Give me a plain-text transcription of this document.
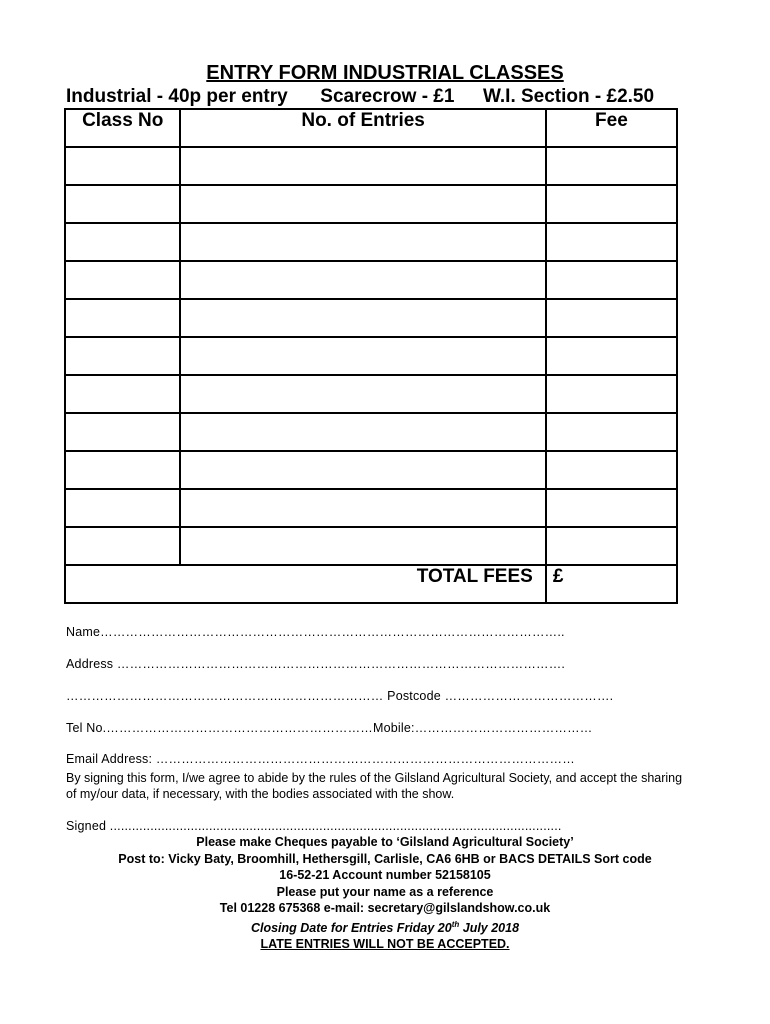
ENTRY FORM INDUSTRIAL CLASSES
Industrial - 40p per entry Scarecrow - £1 W.I. Section - £2.50
Class No	No. of Entries	Fee

TOTAL FEES		£
Name………………………………………………………………………………………………..
Address …………………………………………………………………………………………….
………………………………………………………………… Postcode ………………………………….
Tel No.………………………………………………………Mobile:……………………………………
Email Address: ………………………………………………………………………………………
By signing this form, I/we agree to abide by the rules of the Gilsland Agricultural Society, and accept the sharing of my/our data, if necessary, with the bodies associated with the show.
Signed ...........................................................................................................................
Please make Cheques payable to ‘Gilsland Agricultural Society’
Post to: Vicky Baty, Broomhill, Hethersgill, Carlisle, CA6 6HB or BACS DETAILS Sort code
16-52-21 Account number 52158105
Please put your name as a reference
Tel 01228 675368 e-mail: secretary@gilslandshow.co.uk
Closing Date for Entries Friday 20th July 2018
LATE ENTRIES WILL NOT BE ACCEPTED.
